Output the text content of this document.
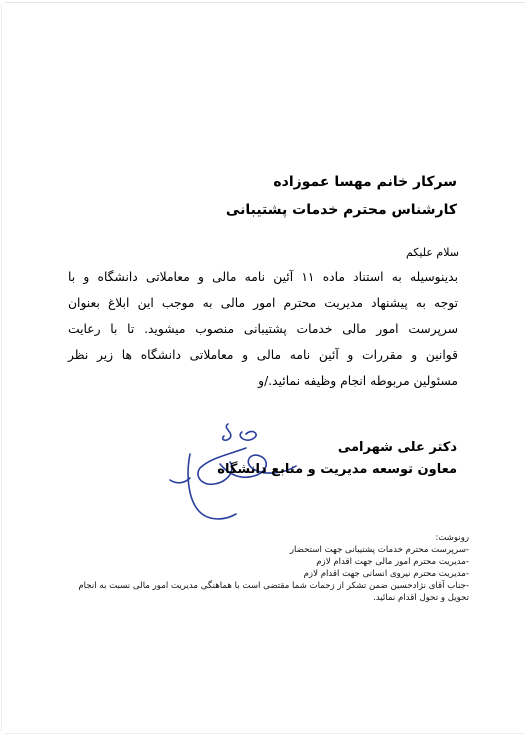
سرکار خانم مهسا عموزاده
کارشناس محترم خدمات پشتیبانی
سلام علیکم
بدینوسیله به استناد ماده ۱۱ آئین نامه مالی و معاملاتی دانشگاه و با
توجه به پیشنهاد مدیریت محترم امور مالی به موجب این ابلاغ بعنوان
سرپرست امور مالی خدمات پشتیبانی منصوب میشوید. تا با رعایت
قوانین و مقررات و آئین نامه مالی و معاملاتی دانشگاه ها زیر نظر
مسئولین مربوطه انجام وظیفه نمائید./و
دکتر علی شهرامی
معاون توسعه مدیریت و منابع دانشگاه
رونوشت:
-سرپرست محترم خدمات پشتیبانی جهت استحضار
-مدیریت محترم امور مالی جهت اقدام لازم
-مدیریت محترم نیروی انسانی جهت اقدام لازم
-جناب آقای نژادحسین ضمن تشکر از زحمات شما مقتضی است با هماهنگی مدیریت امور مالی نسبت به انجام
تحویل و تحول اقدام نمائید.
